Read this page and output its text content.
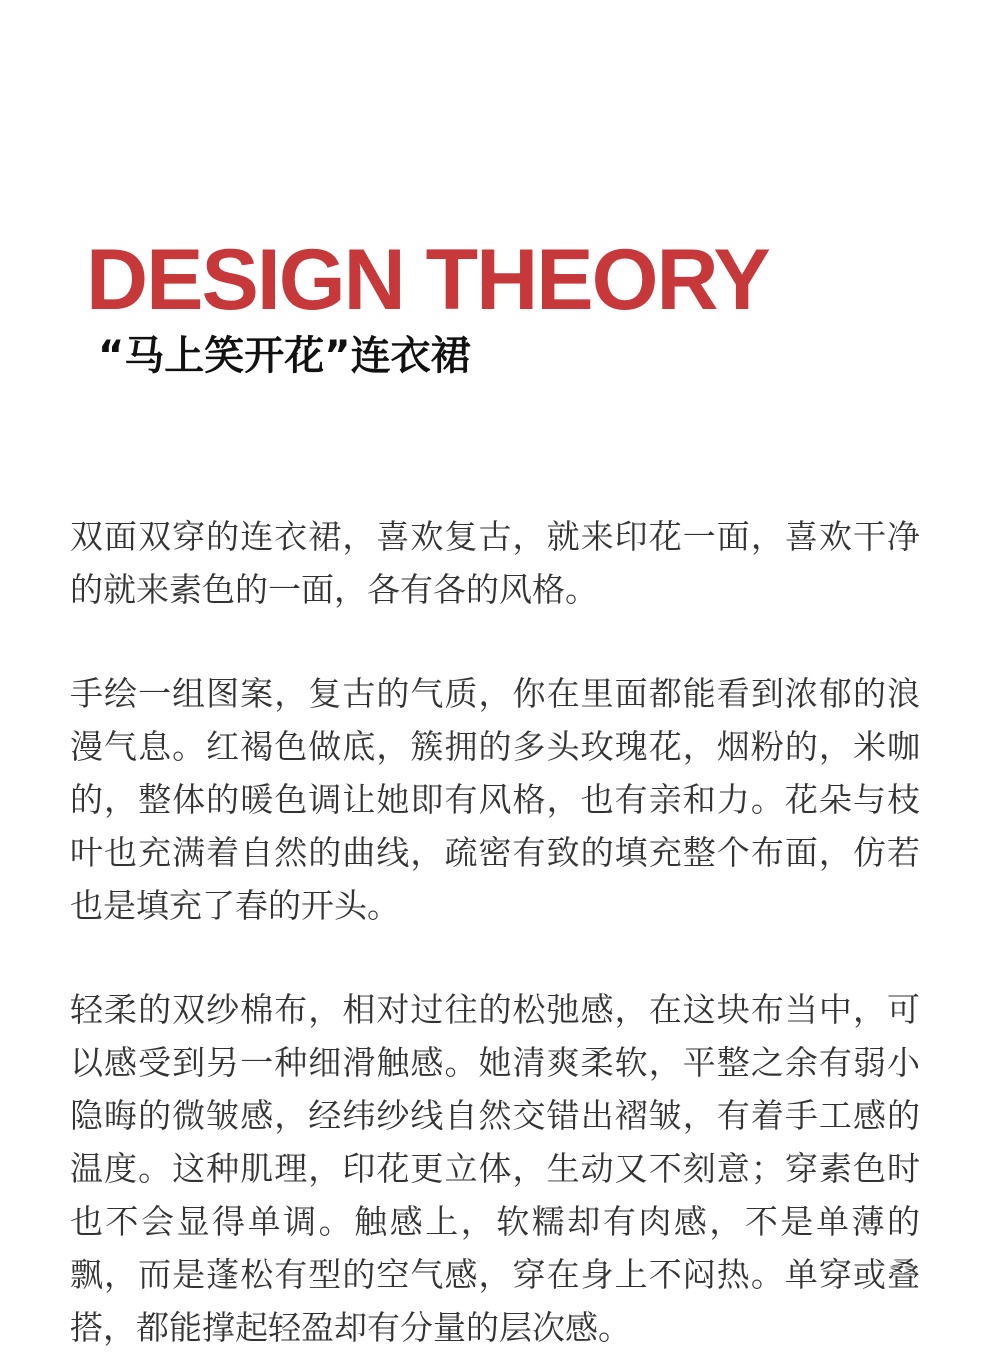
DESIGN THEORY
“马上笑开花”连衣裙

双面双穿的连衣裙，喜欢复古，就来印花一面，喜欢干净的就来素色的一面，各有各的风格。

手绘一组图案，复古的气质，你在里面都能看到浓郁的浪漫气息。红褐色做底，簇拥的多头玫瑰花，烟粉的，米咖的，整体的暖色调让她即有风格，也有亲和力。花朵与枝叶也充满着自然的曲线，疏密有致的填充整个布面，仿若也是填充了春的开头。

轻柔的双纱棉布，相对过往的松弛感，在这块布当中，可以感受到另一种细滑触感。她清爽柔软，平整之余有弱小隐晦的微皱感，经纬纱线自然交错出褶皱，有着手工感的温度。这种肌理，印花更立体，生动又不刻意；穿素色时也不会显得单调。触感上，软糯却有肉感，不是单薄的飘，而是蓬松有型的空气感，穿在身上不闷热。单穿或叠搭，都能撑起轻盈却有分量的层次感。
